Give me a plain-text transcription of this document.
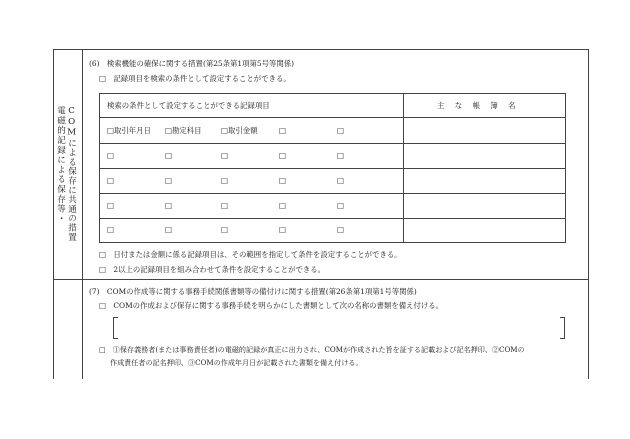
電磁的記録による保存等・ COMによる保存に共通の措置
(6)　検索機能の確保に関する措置(第25条第1項第5号等関係)
□　記録項目を検索の条件として設定することができる。
検索の条件として設定することができる記録項目	主　な　帳　簿　名
□取引年月日 □勘定科目	□取引金額	□	□
□	□	□	□	□
□	□	□	□	□
□	□	□	□	□
□	□	□	□	□
□　日付または金額に係る記録項目は、その範囲を指定して条件を設定することができる。
□　2以上の記録項目を組み合わせて条件を設定することができる。
(7)　COMの作成等に関する事務手続関係書類等の備付けに関する措置(第26条第1項第1号等関係)
□　COMの作成および保存に関する事務手続を明らかにした書類として次の名称の書類を備え付ける。
□　①保存義務者(または事務責任者)の電磁的記録が真正に出力され、COMが作成された旨を証する記載および記名押印、②COMの
作成責任者の記名押印、③COMの作成年月日が記載された書類を備え付ける。
